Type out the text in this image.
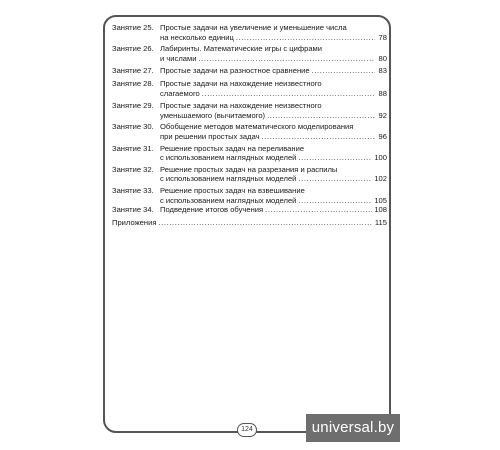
Занятие 25. Простые задачи на увеличение и уменьшение числа
на несколько единиц .....	78
Занятие 26. Лабиринты. Математические игры с цифрами
и числами .....	80
Занятие 27. Простые задачи на разностное сравнение .....	83
Занятие 28. Простые задачи на нахождение неизвестного
слагаемого .....	88
Занятие 29. Простые задачи на нахождение неизвестного
уменьшаемого (вычитаемого) .....	92
Занятие 30. Обобщение методов математического моделирования
при решении простых задач .....	96
Занятие 31. Решение простых задач на переливание
с использованием наглядных моделей .....	100
Занятие 32. Решение простых задач на разрезания и распилы
с использованием наглядных моделей .....	102
Занятие 33. Решение простых задач на взвешивание
с использованием наглядных моделей .....	105
Занятие 34. Подведение итогов обучения .....	108
Приложения .....	115
124	universal.by
